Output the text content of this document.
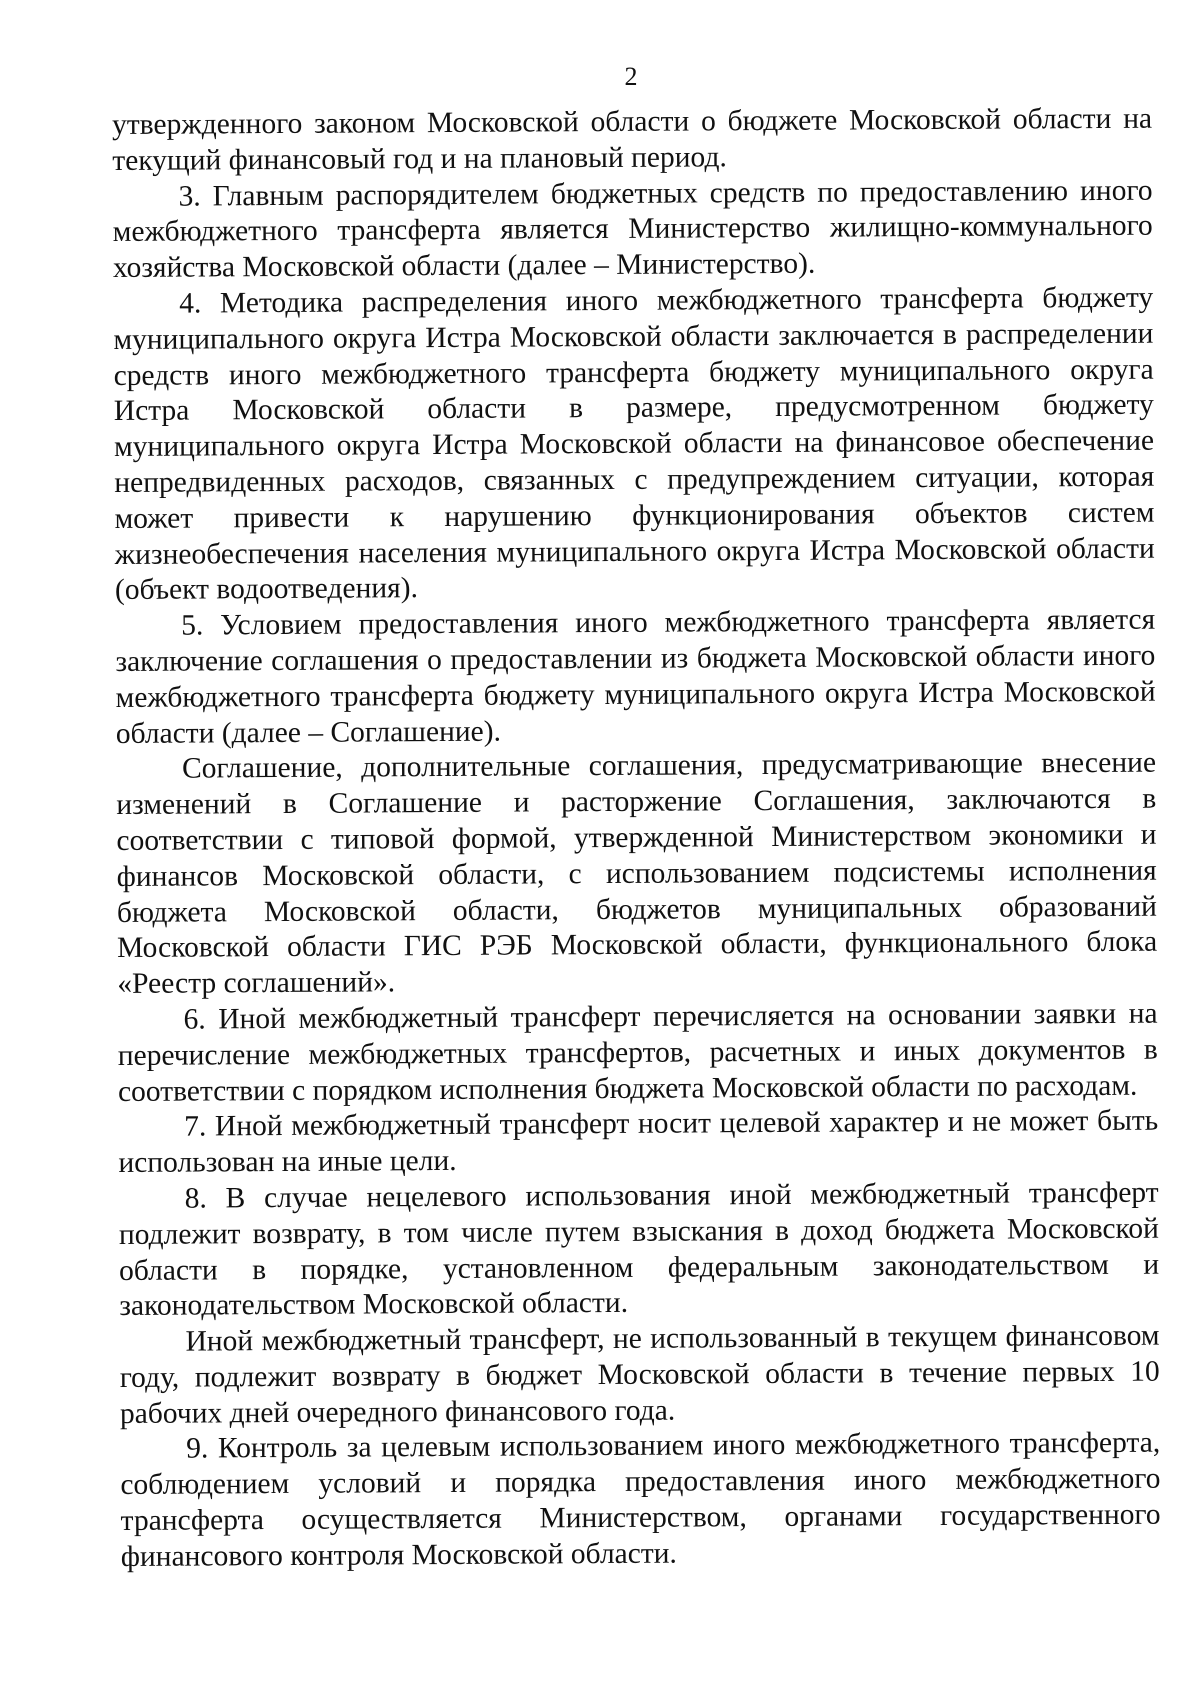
2

утвержденного законом Московской области о бюджете Московской области на текущий финансовый год и на плановый период.

3. Главным распорядителем бюджетных средств по предоставлению иного межбюджетного трансферта является Министерство жилищно-коммунального хозяйства Московской области (далее – Министерство).

4. Методика распределения иного межбюджетного трансферта бюджету муниципального округа Истра Московской области заключается в распределении средств иного межбюджетного трансферта бюджету муниципального округа Истра Московской области в размере, предусмотренном бюджету муниципального округа Истра Московской области на финансовое обеспечение непредвиденных расходов, связанных с предупреждением ситуации, которая может привести к нарушению функционирования объектов систем жизнеобеспечения населения муниципального округа Истра Московской области (объект водоотведения).

5. Условием предоставления иного межбюджетного трансферта является заключение соглашения о предоставлении из бюджета Московской области иного межбюджетного трансферта бюджету муниципального округа Истра Московской области (далее – Соглашение).

Соглашение, дополнительные соглашения, предусматривающие внесение изменений в Соглашение и расторжение Соглашения, заключаются в соответствии с типовой формой, утвержденной Министерством экономики и финансов Московской области, с использованием подсистемы исполнения бюджета Московской области, бюджетов муниципальных образований Московской области ГИС РЭБ Московской области, функционального блока «Реестр соглашений».

6. Иной межбюджетный трансферт перечисляется на основании заявки на перечисление межбюджетных трансфертов, расчетных и иных документов в соответствии с порядком исполнения бюджета Московской области по расходам.

7. Иной межбюджетный трансферт носит целевой характер и не может быть использован на иные цели.

8. В случае нецелевого использования иной межбюджетный трансферт подлежит возврату, в том числе путем взыскания в доход бюджета Московской области в порядке, установленном федеральным законодательством и законодательством Московской области.

Иной межбюджетный трансферт, не использованный в текущем финансовом году, подлежит возврату в бюджет Московской области в течение первых 10 рабочих дней очередного финансового года.

9. Контроль за целевым использованием иного межбюджетного трансферта, соблюдением условий и порядка предоставления иного межбюджетного трансферта осуществляется Министерством, органами государственного финансового контроля Московской области.
